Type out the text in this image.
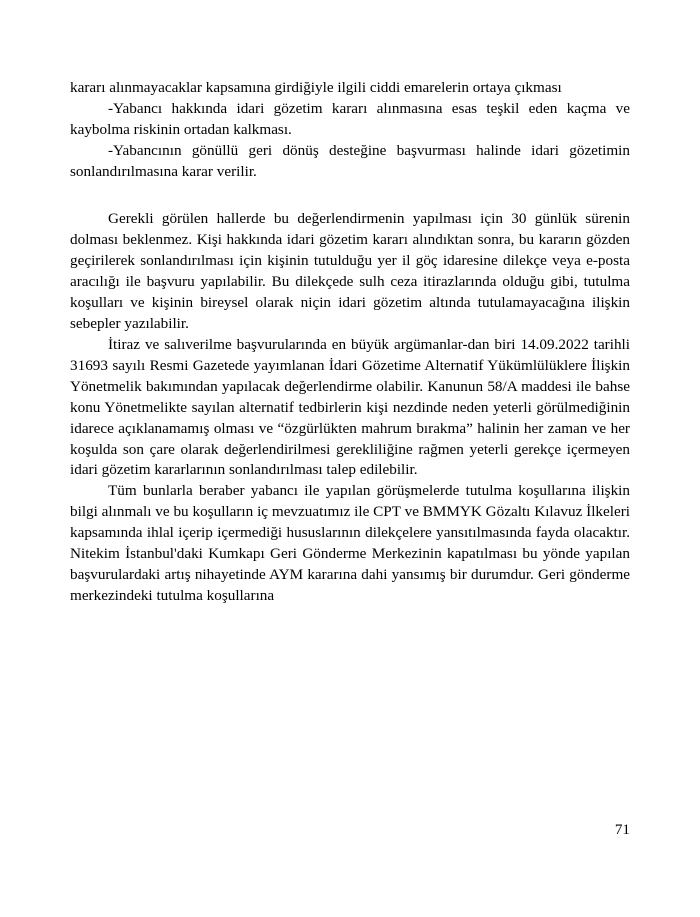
kararı alınmayacaklar kapsamına girdiğiyle ilgili ciddi emarelerin ortaya çıkması

-Yabancı hakkında idari gözetim kararı alınmasına esas teşkil eden kaçma ve kaybolma riskinin ortadan kalkması.

-Yabancının gönüllü geri dönüş desteğine başvurması halinde idari gözetimin sonlandırılmasına karar verilir.

Gerekli görülen hallerde bu değerlendirmenin yapılması için 30 günlük sürenin dolması beklenmez. Kişi hakkında idari gözetim kararı alındıktan sonra, bu kararın gözden geçirilerek sonlandırılması için kişinin tutulduğu yer il göç idaresine dilekçe veya e-posta aracılığı ile başvuru yapılabilir. Bu dilekçede sulh ceza itirazlarında olduğu gibi, tutulma koşulları ve kişinin bireysel olarak niçin idari gözetim altında tutulamayacağına ilişkin sebepler yazılabilir.

İtiraz ve salıverilme başvurularında en büyük argümanlar-dan biri 14.09.2022 tarihli 31693 sayılı Resmi Gazetede yayımlanan İdari Gözetime Alternatif Yükümlülüklere İlişkin Yönetmelik bakımından yapılacak değerlendirme olabilir. Kanunun 58/A maddesi ile bahse konu Yönetmelikte sayılan alternatif tedbirlerin kişi nezdinde neden yeterli görülmediğinin idarece açıklanamamış olması ve “özgürlükten mahrum bırakma” halinin her zaman ve her koşulda son çare olarak değerlendirilmesi gerekliliğine rağmen yeterli gerekçe içermeyen idari gözetim kararlarının sonlandırılması talep edilebilir.

Tüm bunlarla beraber yabancı ile yapılan görüşmelerde tutulma koşullarına ilişkin bilgi alınmalı ve bu koşulların iç mevzuatımız ile CPT ve BMMYK Gözaltı Kılavuz İlkeleri kapsamında ihlal içerip içermediği hususlarının dilekçelere yansıtılmasında fayda olacaktır. Nitekim İstanbul'daki Kumkapı Geri Gönderme Merkezinin kapatılması bu yönde yapılan başvurulardaki artış nihayetinde AYM kararına dahi yansımış bir durumdur. Geri gönderme merkezindeki tutulma koşullarına

71
